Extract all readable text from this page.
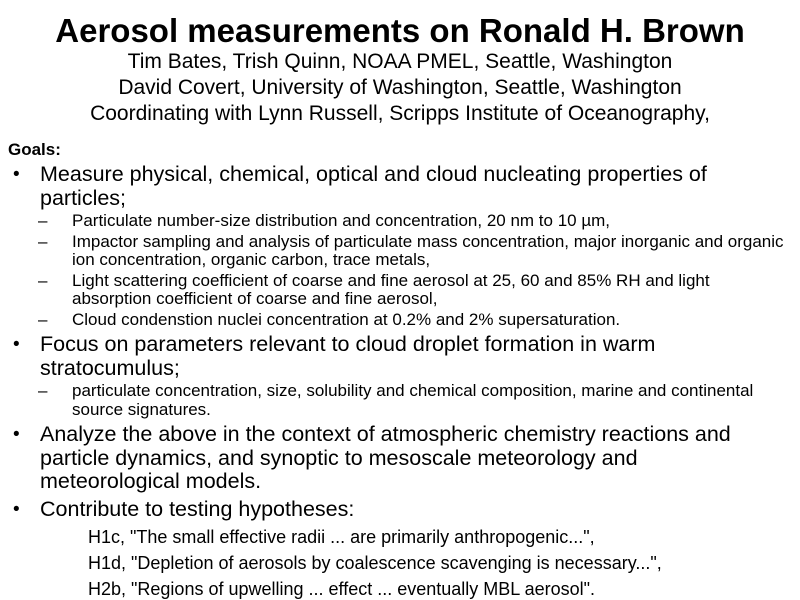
Aerosol measurements on Ronald H. Brown
Tim Bates, Trish Quinn, NOAA PMEL, Seattle, Washington
David Covert, University of Washington, Seattle, Washington
Coordinating with Lynn Russell, Scripps Institute of Oceanography,
Goals:
• Measure physical, chemical, optical and cloud nucleating properties of particles;
–	Particulate number-size distribution and concentration, 20 nm to 10 µm,
–	Impactor sampling and analysis of particulate mass concentration, major inorganic and organic ion concentration, organic carbon, trace metals,
–	Light scattering coefficient of coarse and fine aerosol at 25, 60 and 85% RH and light absorption coefficient of coarse and fine aerosol,
–	Cloud condenstion nuclei concentration at 0.2% and 2% supersaturation.
• Focus on parameters relevant to cloud droplet formation in warm stratocumulus;
–	particulate concentration, size, solubility and chemical composition, marine and continental source signatures.
• Analyze the above in the context of atmospheric chemistry reactions and particle dynamics, and synoptic to mesoscale meteorology and meteorological models.
• Contribute to testing hypotheses:
H1c, "The small effective radii ... are primarily anthropogenic...",
H1d, "Depletion of aerosols by coalescence scavenging is necessary...",
H2b, "Regions of upwelling ... effect ... eventually MBL aerosol".
